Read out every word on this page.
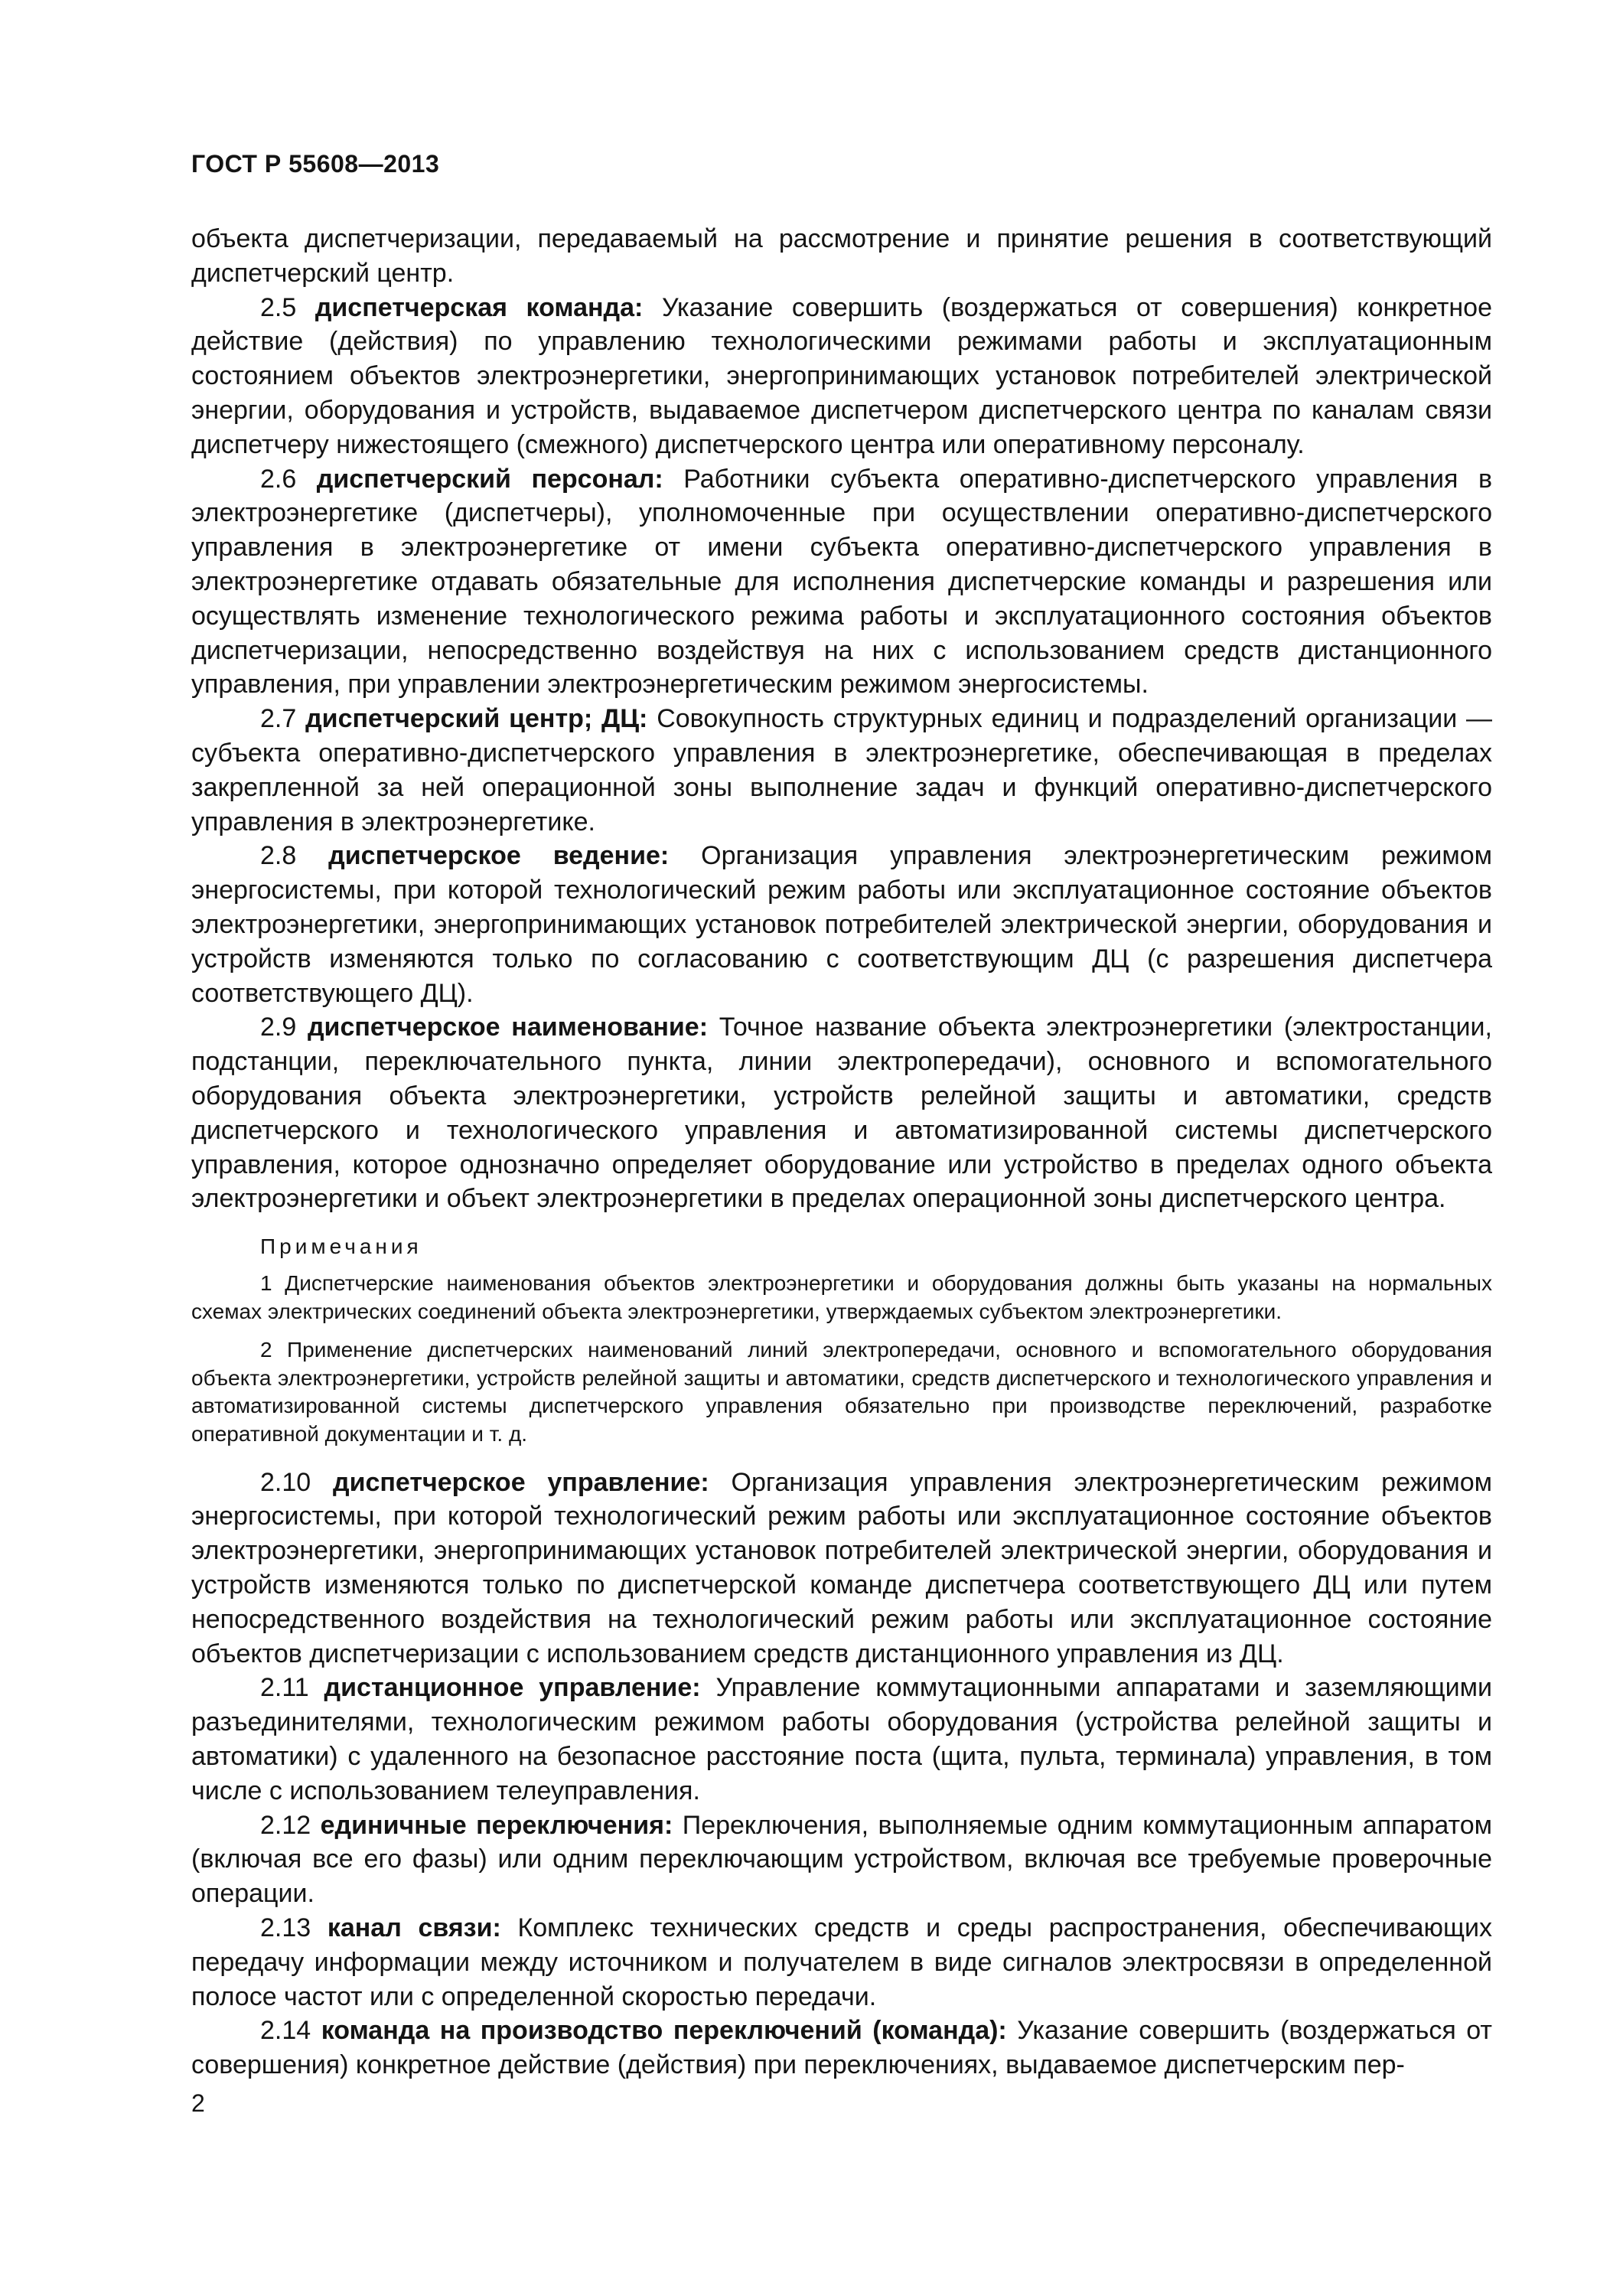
ГОСТ Р 55608—2013

объекта диспетчеризации, передаваемый на рассмотрение и принятие решения в соответствующий диспетчерский центр.

2.5 диспетчерская команда: Указание совершить (воздержаться от совершения) конкретное действие (действия) по управлению технологическими режимами работы и эксплуатационным состоянием объектов электроэнергетики, энергопринимающих установок потребителей электрической энергии, оборудования и устройств, выдаваемое диспетчером диспетчерского центра по каналам связи диспетчеру нижестоящего (смежного) диспетчерского центра или оперативному персоналу.

2.6 диспетчерский персонал: Работники субъекта оперативно-диспетчерского управления в электроэнергетике (диспетчеры), уполномоченные при осуществлении оперативно-диспетчерского управления в электроэнергетике от имени субъекта оперативно-диспетчерского управления в электроэнергетике отдавать обязательные для исполнения диспетчерские команды и разрешения или осуществлять изменение технологического режима работы и эксплуатационного состояния объектов диспетчеризации, непосредственно воздействуя на них с использованием средств дистанционного управления, при управлении электроэнергетическим режимом энергосистемы.

2.7 диспетчерский центр; ДЦ: Совокупность структурных единиц и подразделений организации — субъекта оперативно-диспетчерского управления в электроэнергетике, обеспечивающая в пределах закрепленной за ней операционной зоны выполнение задач и функций оперативно-диспетчерского управления в электроэнергетике.

2.8 диспетчерское ведение: Организация управления электроэнергетическим режимом энергосистемы, при которой технологический режим работы или эксплуатационное состояние объектов электроэнергетики, энергопринимающих установок потребителей электрической энергии, оборудования и устройств изменяются только по согласованию с соответствующим ДЦ (с разрешения диспетчера соответствующего ДЦ).

2.9 диспетчерское наименование: Точное название объекта электроэнергетики (электростанции, подстанции, переключательного пункта, линии электропередачи), основного и вспомогательного оборудования объекта электроэнергетики, устройств релейной защиты и автоматики, средств диспетчерского и технологического управления и автоматизированной системы диспетчерского управления, которое однозначно определяет оборудование или устройство в пределах одного объекта электроэнергетики и объект электроэнергетики в пределах операционной зоны диспетчерского центра.

Примечания

1 Диспетчерские наименования объектов электроэнергетики и оборудования должны быть указаны на нормальных схемах электрических соединений объекта электроэнергетики, утверждаемых субъектом электроэнергетики.

2 Применение диспетчерских наименований линий электропередачи, основного и вспомогательного оборудования объекта электроэнергетики, устройств релейной защиты и автоматики, средств диспетчерского и технологического управления и автоматизированной системы диспетчерского управления обязательно при производстве переключений, разработке оперативной документации и т. д.

2.10 диспетчерское управление: Организация управления электроэнергетическим режимом энергосистемы, при которой технологический режим работы или эксплуатационное состояние объектов электроэнергетики, энергопринимающих установок потребителей электрической энергии, оборудования и устройств изменяются только по диспетчерской команде диспетчера соответствующего ДЦ или путем непосредственного воздействия на технологический режим работы или эксплуатационное состояние объектов диспетчеризации с использованием средств дистанционного управления из ДЦ.

2.11 дистанционное управление: Управление коммутационными аппаратами и заземляющими разъединителями, технологическим режимом работы оборудования (устройства релейной защиты и автоматики) с удаленного на безопасное расстояние поста (щита, пульта, терминала) управления, в том числе с использованием телеуправления.

2.12 единичные переключения: Переключения, выполняемые одним коммутационным аппаратом (включая все его фазы) или одним переключающим устройством, включая все требуемые проверочные операции.

2.13 канал связи: Комплекс технических средств и среды распространения, обеспечивающих передачу информации между источником и получателем в виде сигналов электросвязи в определенной полосе частот или с определенной скоростью передачи.

2.14 команда на производство переключений (команда): Указание совершить (воздержаться от совершения) конкретное действие (действия) при переключениях, выдаваемое диспетчерским пер-

2
